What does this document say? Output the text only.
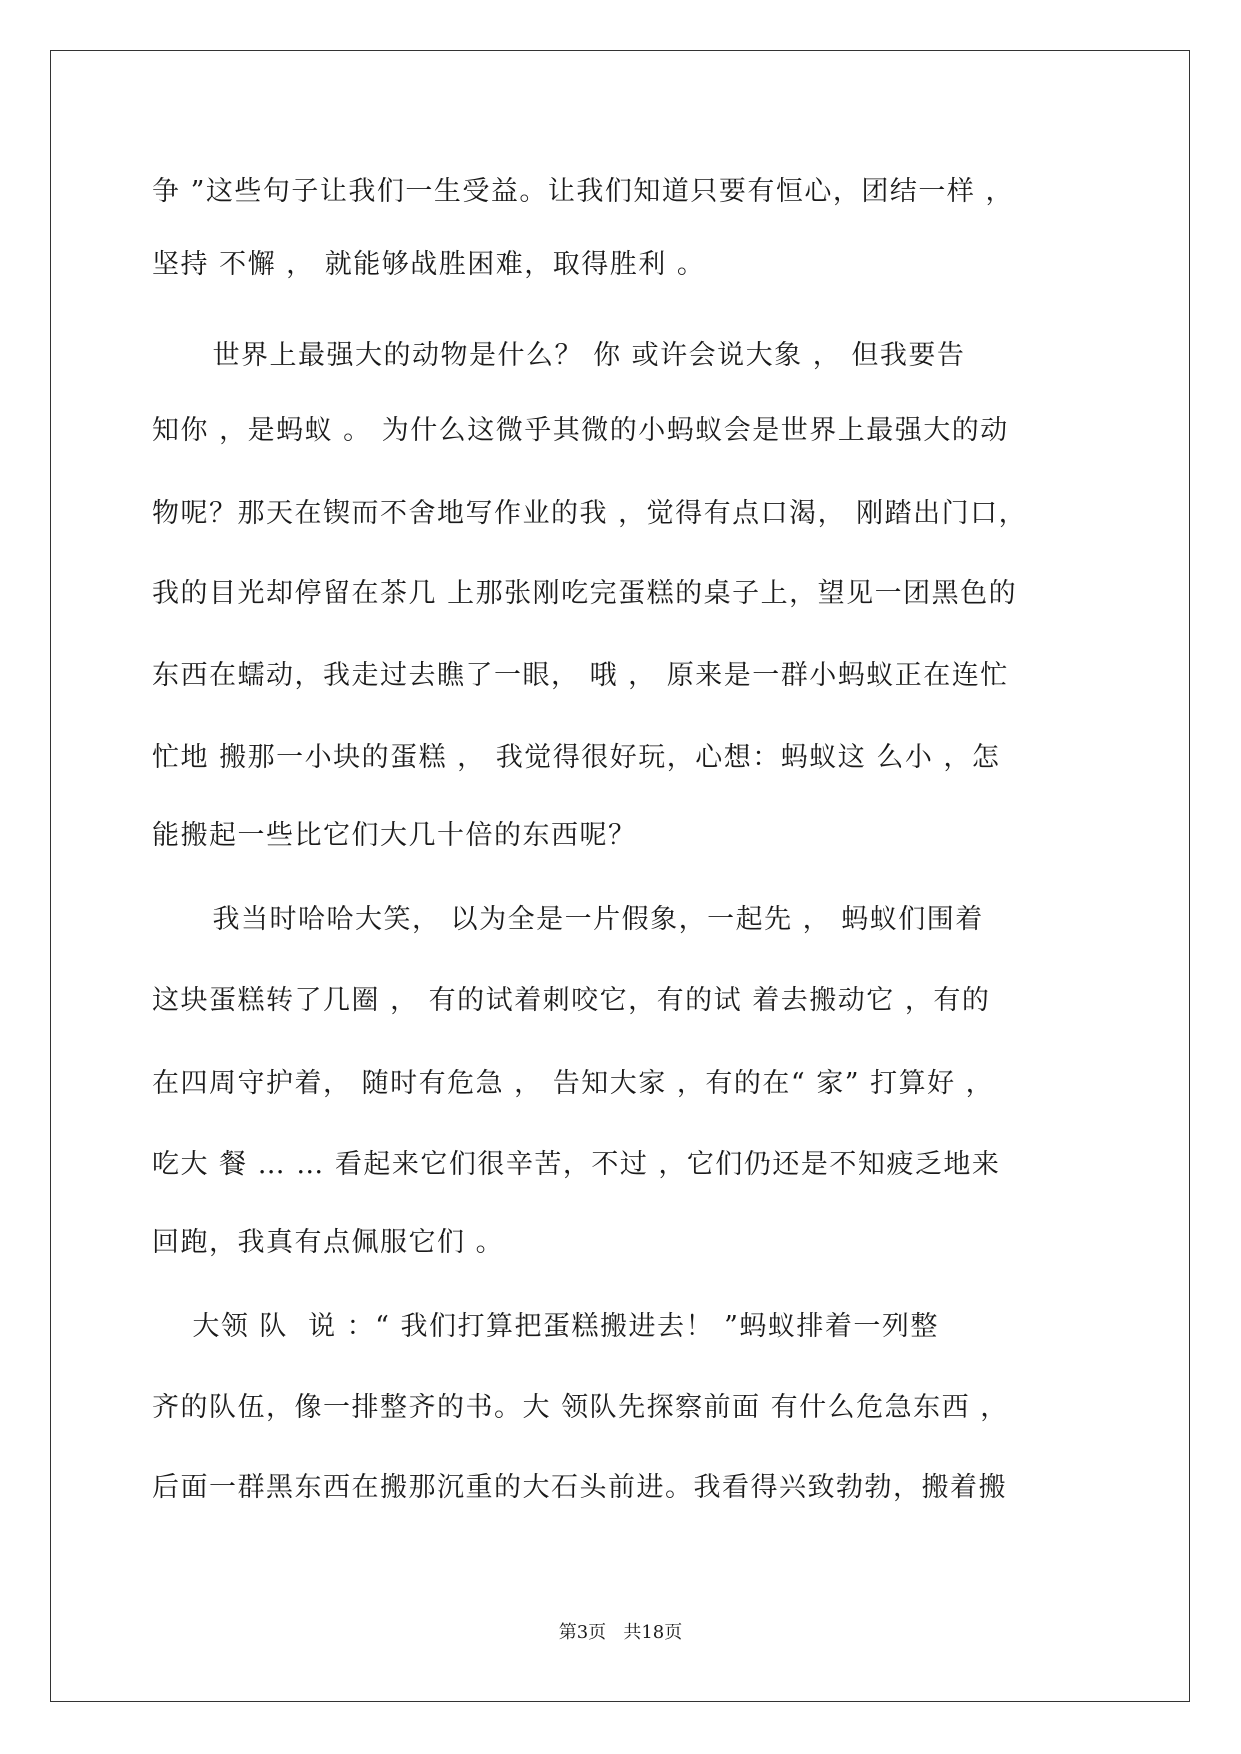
争 ”这些句子让我们一生受益。让我们知道只要有恒心，团结一样 ，
坚持 不懈 ， 就能够战胜困难，取得胜利 。
世界上最强大的动物是什么？ 你 或许会说大象 ， 但我要告
知你 ，是蚂蚁 。 为什么这微乎其微的小蚂蚁会是世界上最强大的动
物呢？那天在锲而不舍地写作业的我 ，觉得有点口渴， 刚踏出门口，
我的目光却停留在茶几 上那张刚吃完蛋糕的桌子上，望见一团黑色的
东西在蠕动，我走过去瞧了一眼， 哦 ， 原来是一群小蚂蚁正在连忙
忙地 搬那一小块的蛋糕 ， 我觉得很好玩，心想：蚂蚁这 么小 ，怎
能搬起一些比它们大几十倍的东西呢？
我当时哈哈大笑， 以为全是一片假象，一起先 ， 蚂蚁们围着
这块蛋糕转了几圈 ， 有的试着刺咬它，有的试 着去搬动它 ，有的
在四周守护着， 随时有危急 ， 告知大家 ，有的在“ 家” 打算好 ，
吃大 餐 … … 看起来它们很辛苦，不过 ，它们仍还是不知疲乏地来
回跑，我真有点佩服它们 。
大领 队  说 ：“ 我们打算把蛋糕搬进去！ ”蚂蚁排着一列整
齐的队伍，像一排整齐的书。大 领队先探察前面 有什么危急东西 ，
后面一群黑东西在搬那沉重的大石头前进。我看得兴致勃勃，搬着搬
第3页   共18页
